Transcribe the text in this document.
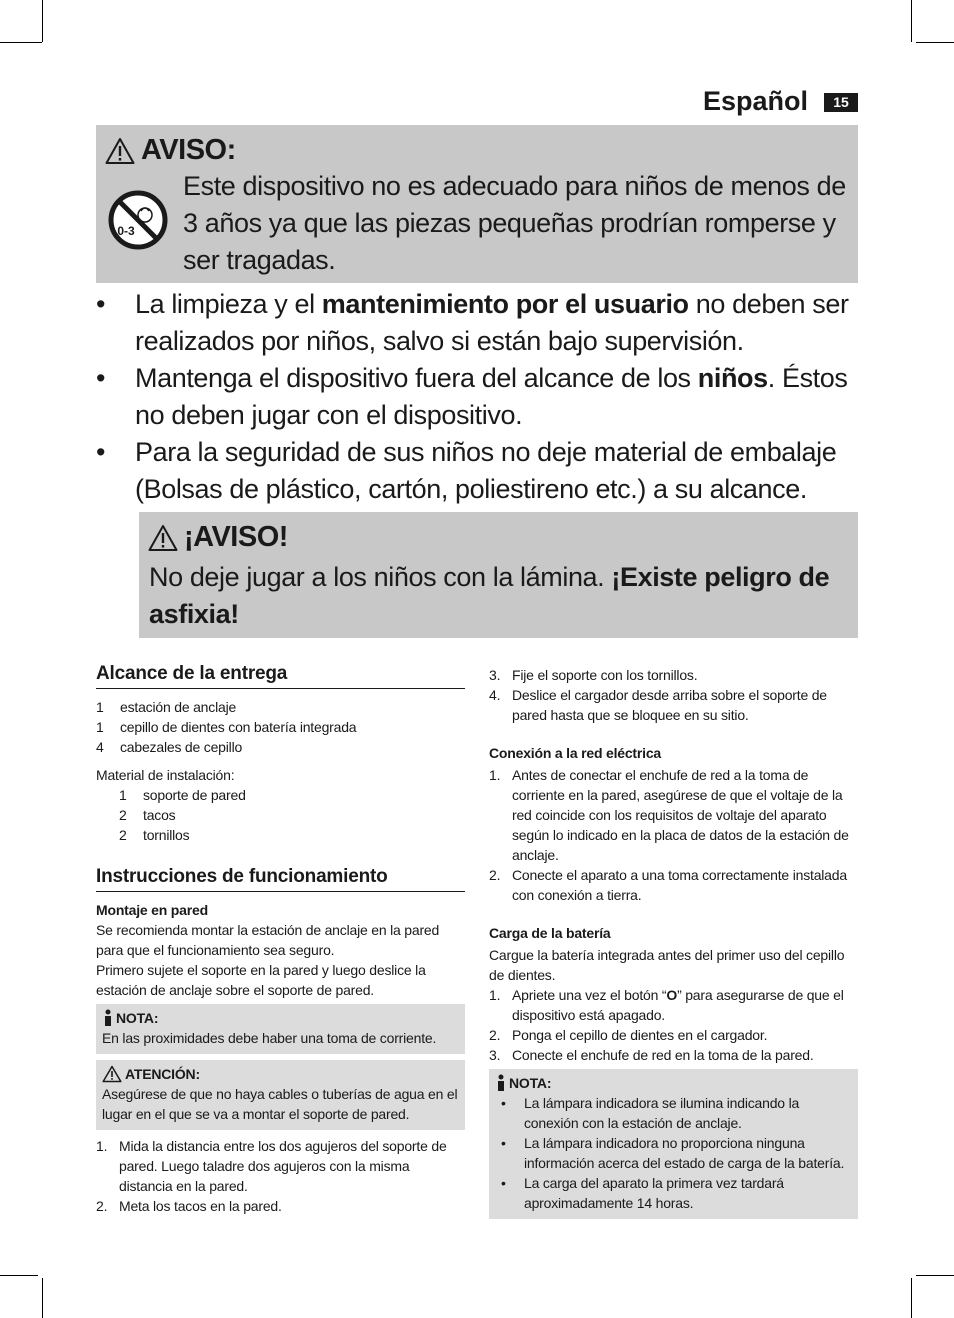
Español	15
AVISO:
0-3
Este dispositivo no es adecuado para niños de menos de 3 años ya que las piezas pequeñas prodrían romperse y ser tragadas.
• La limpieza y el mantenimiento por el usuario no deben ser realizados por niños, salvo si están bajo supervisión.
• Mantenga el dispositivo fuera del alcance de los niños. Éstos no deben jugar con el dispositivo.
• Para la seguridad de sus niños no deje material de embalaje (Bolsas de plástico, cartón, poliestireno etc.) a su alcance.
¡AVISO!
No deje jugar a los niños con la lámina. ¡Existe peligro de asfixia!
Alcance de la entrega
1	estación de anclaje
1	cepillo de dientes con batería integrada
4	cabezales de cepillo
Material de instalación:
1	soporte de pared
2	tacos
2	tornillos
Instrucciones de funcionamiento
Montaje en pared
Se recomienda montar la estación de anclaje en la pared para que el funcionamiento sea seguro.
Primero sujete el soporte en la pared y luego deslice la estación de anclaje sobre el soporte de pared.
NOTA:
En las proximidades debe haber una toma de corriente.
ATENCIÓN:
Asegúrese de que no haya cables o tuberías de agua en el lugar en el que se va a montar el soporte de pared.
1. Mida la distancia entre los dos agujeros del soporte de pared. Luego taladre dos agujeros con la misma distancia en la pared.
2. Meta los tacos en la pared.
3. Fije el soporte con los tornillos.
4. Deslice el cargador desde arriba sobre el soporte de pared hasta que se bloquee en su sitio.
Conexión a la red eléctrica
1. Antes de conectar el enchufe de red a la toma de corriente en la pared, asegúrese de que el voltaje de la red coincide con los requisitos de voltaje del aparato según lo indicado en la placa de datos de la estación de anclaje.
2. Conecte el aparato a una toma correctamente instalada con conexión a tierra.
Carga de la batería
Cargue la batería integrada antes del primer uso del cepillo de dientes.
1. Apriete una vez el botón “O” para asegurarse de que el dispositivo está apagado.
2. Ponga el cepillo de dientes en el cargador.
3. Conecte el enchufe de red en la toma de la pared.
NOTA:
• La lámpara indicadora se ilumina indicando la conexión con la estación de anclaje.
• La lámpara indicadora no proporciona ninguna información acerca del estado de carga de la batería.
• La carga del aparato la primera vez tardará aproximadamente 14 horas.
